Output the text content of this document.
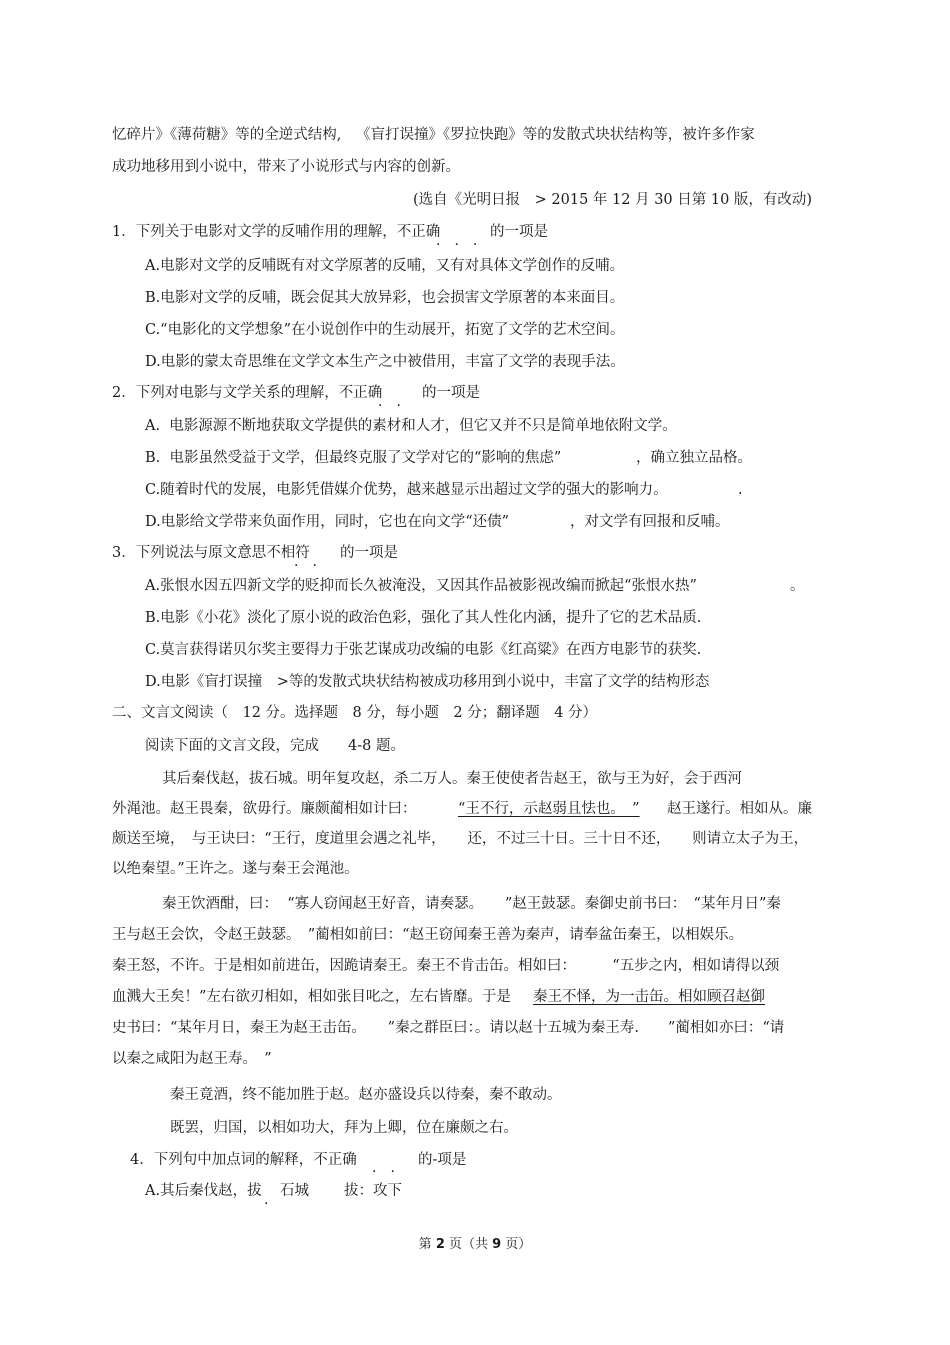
忆碎片》《薄荷糖》等的全逆式结构, 《盲打误撞》《罗拉快跑》等的发散式块状结构等，被许多作家
成功地移用到小说中，带来了小说形式与内容的创新。
(选自《光明日报　> 2015 年 12 月 30 日第 10 版，有改动)
1．下列关于电影对文学的反哺作用的理解，不正确
· · ·
的一项是
A.电影对文学的反哺既有对文学原著的反哺，又有对具体文学创作的反哺。
B.电影对文学的反哺，既会促其大放异彩，也会损害文学原著的本来面目。
C.“电影化的文学想象”在小说创作中的生动展开，拓宽了文学的艺术空间。
D.电影的蒙太奇思维在文学文本生产之中被借用，丰富了文学的表现手法。
2．下列对电影与文学关系的理解，不正确
· ·
的一项是
A.  电影源源不断地获取文学提供的素材和人才，但它又并不只是简单地依附文学。
B.  电影虽然受益于文学，但最终克服了文学对它的“影响的焦虑”	，确立独立品格。
C.随着时代的发展，电影凭借媒介优势，越来越显示出超过文学的强大的影响力。	.
D.电影给文学带来负面作用，同时，它也在向文学“还债”	，对文学有回报和反哺。
3．下列说法与原文意思不相符
· ·
的一项是
A.张恨水因五四新文学的贬抑而长久被淹没，又因其作品被影视改编而掀起“张恨水热”	。
B.电影《小花》淡化了原小说的政治色彩，强化了其人性化内涵，提升了它的艺术品质.
C.莫言获得诺贝尔奖主要得力于张艺谋成功改编的电影《红高粱》在西方电影节的获奖.
D.电影《盲打误撞　>等的发散式块状结构被成功移用到小说中，丰富了文学的结构形态
二、文言文阅读（　12 分。选择题　8 分，每小题　2 分；翻译题　4 分）
阅读下面的文言文段，完成　　4-8 题。
其后秦伐赵，拔石城。明年复攻赵，杀二万人。秦王使使者告赵王，欲与王为好，会于西河
外渑池。赵王畏秦，欲毋行。廉颇蔺相如计曰：	“王不行，示赵弱且怯也。　” 赵王遂行。相如从。廉
颇送至境，　与王诀曰：“王行，度道里会遇之礼毕，　　还，不过三十日。三十日不还，　　则请立太子为王，
以绝秦望。”王许之。遂与秦王会渑池。
秦王饮酒酣，曰：  “寡人窃闻赵王好音，请奏瑟。　　”赵王鼓瑟。秦御史前书曰：　“某年月日”秦
王与赵王会饮，令赵王鼓瑟。　”蔺相如前曰：“赵王窃闻秦王善为秦声，请奉盆缶秦王，以相娱乐。
秦王怒，不许。于是相如前进缶，因跪请秦王。秦王不肯击缶。相如曰：　　　“五步之内，相如请得以颈
血溅大王矣！”左右欲刃相如，相如张目叱之，左右皆靡。于是 秦王不怿，为一击缶。相如顾召赵御
史书曰：“某年月日，秦王为赵王击缶。　　”秦之群臣曰：。请以赵十五城为秦王寿.　　”蔺相如亦曰：“请
以秦之咸阳为赵王寿。　”
秦王竟酒，终不能加胜于赵。赵亦盛设兵以待秦，秦不敢动。
既罢，归国，以相如功大，拜为上卿，位在廉颇之右。
4．下列句中加点词的解释，不正确
· ·
的-项是
A.其后秦伐赵，拔
·
石城 拔：攻下
第 2 页（共 9 页）
